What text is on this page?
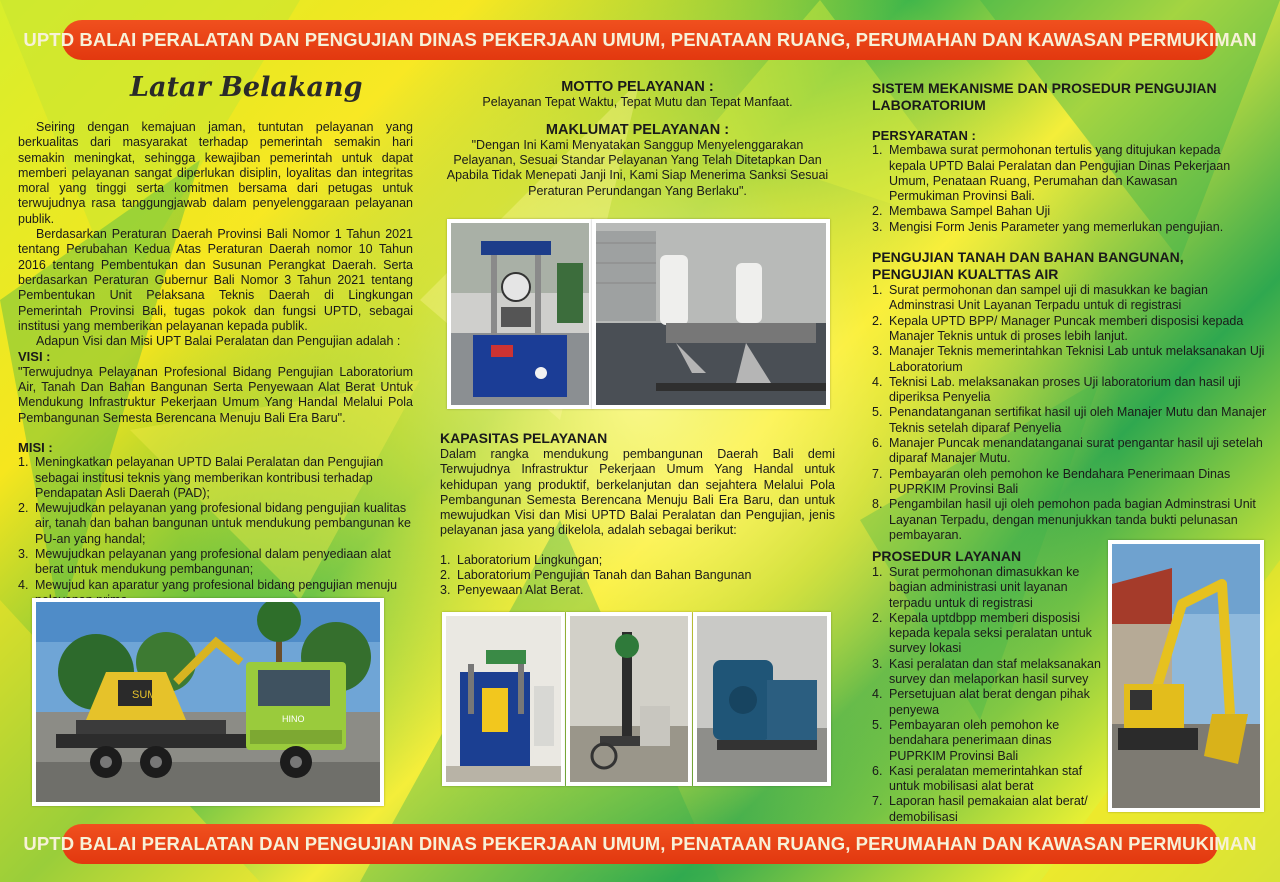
UPTD BALAI PERALATAN DAN PENGUJIAN DINAS PEKERJAAN UMUM, PENATAAN RUANG, PERUMAHAN DAN KAWASAN PERMUKIMAN
Latar Belakang

Seiring dengan kemajuan jaman, tuntutan pelayanan yang berkualitas dari masyarakat terhadap pemerintah semakin hari semakin meningkat, sehingga kewajiban pemerintah untuk dapat memberi pelayanan sangat diperlukan disiplin, loyalitas dan integritas moral yang tinggi serta komitmen bersama dari petugas untuk terwujudnya rasa tanggungjawab dalam penyelenggaraan pelayanan publik.

Berdasarkan Peraturan Daerah Provinsi Bali Nomor 1 Tahun 2021 tentang Perubahan Kedua Atas Peraturan Daerah nomor 10 Tahun 2016 tentang Pembentukan dan Susunan Perangkat Daerah. Serta berdasarkan Peraturan Gubernur Bali Nomor 3 Tahun 2021 tentang Pembentukan Unit Pelaksana Teknis Daerah di Lingkungan Pemerintah Provinsi Bali, tugas pokok dan fungsi UPTD, sebagai institusi yang memberikan pelayanan kepada publik.

Adapun Visi dan Misi UPT Balai Peralatan dan Pengujian adalah :

VISI :

"Terwujudnya Pelayanan Profesional Bidang Pengujian Laboratorium Air, Tanah Dan Bahan Bangunan Serta Penyewaan Alat Berat Untuk Mendukung Infrastruktur Pekerjaan Umum Yang Handal Melalui Pola Pembangunan Semesta Berencana Menuju Bali Era Baru".

MISI :
1. Meningkatkan pelayanan UPTD Balai Peralatan dan Pengujian sebagai institusi teknis yang memberikan kontribusi terhadap Pendapatan Asli Daerah (PAD);
2. Mewujudkan pelayanan yang profesional bidang pengujian kualitas air, tanah dan bahan bangunan untuk mendukung pembangunan ke PU-an yang handal;
3. Mewujudkan pelayanan yang profesional dalam penyediaan alat berat untuk mendukung pembangunan;
4. Mewujud kan aparatur yang profesional bidang pengujian menuju
SUM
HINO
MOTTO PELAYANAN :

Pelayanan Tepat Waktu, Tepat Mutu dan Tepat Manfaat.

MAKLUMAT PELAYANAN :

"Dengan Ini Kami Menyatakan Sanggup Menyelenggarakan Pelayanan, Sesuai Standar Pelayanan Yang Telah Ditetapkan Dan Apabila Tidak Menepati Janji Ini, Kami Siap Menerima Sanksi Sesuai Peraturan Perundangan Yang Berlaku".

KAPASITAS PELAYANAN

Dalam rangka mendukung pembangunan Daerah Bali demi Terwujudnya Infrastruktur Pekerjaan Umum Yang Handal untuk kehidupan yang produktif, berkelanjutan dan sejahtera Melalui Pola Pembangunan Semesta Berencana Menuju Bali Era Baru, dan untuk mewujudkan Visi dan Misi UPTD Balai Peralatan dan Pengujian, jenis pelayanan jasa yang dikelola, adalah sebagai berikut:

1. Laboratorium Lingkungan;
2. Laboratorium Pengujian Tanah dan Bahan Bangunan
3. Penyewaan Alat Berat.
SISTEM MEKANISME DAN PROSEDUR PENGUJIAN LABORATORIUM
PERSYARATAN :
1. Membawa surat permohonan tertulis yang ditujukan kepada kepala UPTD Balai Peralatan dan Pengujian Dinas Pekerjaan Umum, Penataan Ruang, Perumahan dan Kawasan Permukiman Provinsi Bali.
2. Membawa Sampel Bahan Uji
3. Mengisi Form Jenis Parameter yang memerlukan pengujian.
PENGUJIAN TANAH DAN BAHAN BANGUNAN, PENGUJIAN KUALTTAS AIR
1. Surat permohonan dan sampel uji di masukkan ke bagian Adminstrasi Unit Layanan Terpadu untuk di registrasi
2. Kepala UPTD BPP/ Manager Puncak memberi disposisi kepada Manajer Teknis untuk di proses lebih lanjut.
3. Manajer Teknis memerintahkan Teknisi Lab untuk melaksanakan Uji Laboratorium
4. Teknisi Lab. melaksanakan proses Uji laboratorium dan hasil uji diperiksa Penyelia
5. Penandatanganan sertifikat hasil uji oleh Manajer Mutu dan Manajer Teknis setelah diparaf Penyelia
6. Manajer Puncak menandatanganai surat pengantar hasil uji setelah diparaf Manajer Mutu.
7. Pembayaran oleh pemohon ke Bendahara Penerimaan Dinas PUPRKIM Provinsi Bali
8. Pengambilan hasil uji oleh pemohon pada bagian Adminstrasi Unit Layanan Terpadu, dengan menunjukkan tanda bukti pelunasan pembayaran.
PROSEDUR LAYANAN
1. Surat permohonan dimasukkan ke bagian administrasi unit layanan terpadu untuk di registrasi
2. Kepala uptdbpp memberi disposisi kepada kepala seksi peralatan untuk survey lokasi
3. Kasi peralatan dan staf melaksanakan survey dan melaporkan hasil survey
4. Persetujuan alat berat dengan pihak penyewa
5. Pembayaran oleh pemohon ke bendahara penerimaan dinas PUPRKIM Provinsi Bali
6. Kasi peralatan memerintahkan staf untuk mobilisasi alat berat
7. Laporan hasil pemakaian alat berat/ demobilisasi
UPTD BALAI PERALATAN DAN PENGUJIAN DINAS PEKERJAAN UMUM, PENATAAN RUANG, PERUMAHAN DAN KAWASAN PERMUKIMAN
